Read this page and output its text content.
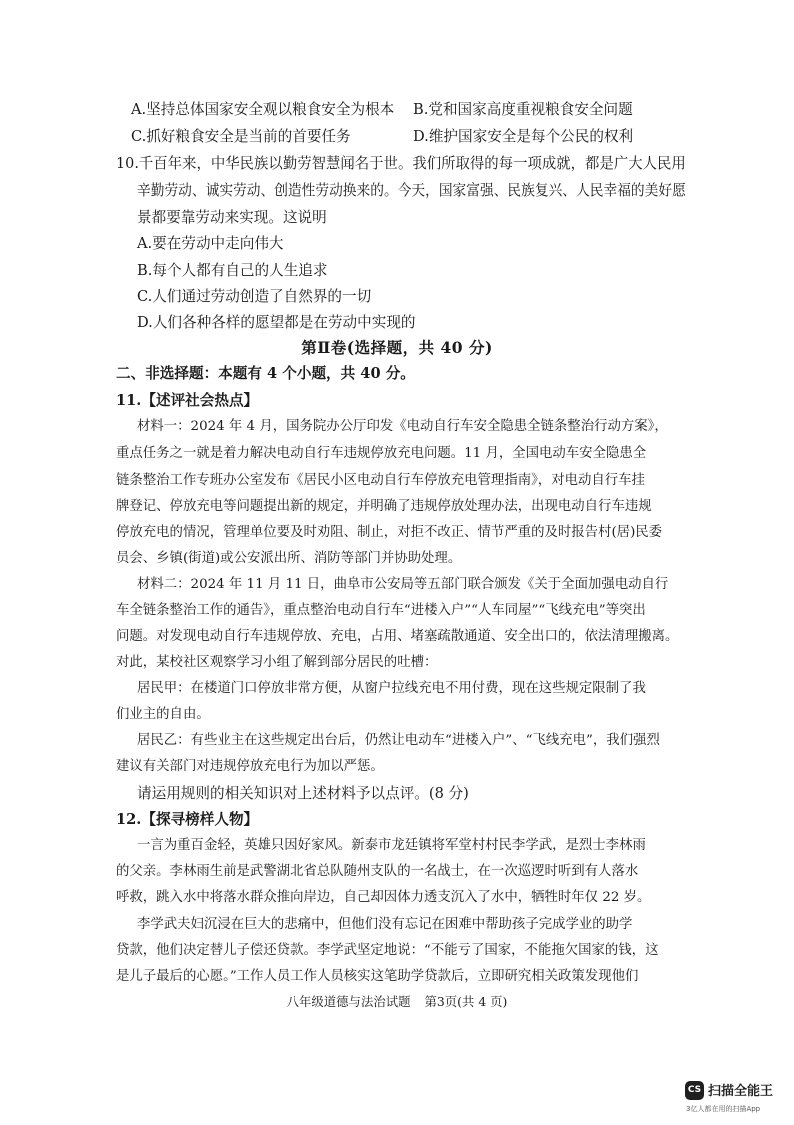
A.坚持总体国家安全观以粮食安全为根本 B.党和国家高度重视粮食安全问题
C.抓好粮食安全是当前的首要任务	D.维护国家安全是每个公民的权利
10.千百年来，中华民族以勤劳智慧闻名于世。我们所取得的每一项成就，都是广大人民用
辛勤劳动、诚实劳动、创造性劳动换来的。今天，国家富强、民族复兴、人民幸福的美好愿
景都要靠劳动来实现。这说明
A.要在劳动中走向伟大
B.每个人都有自己的人生追求
C.人们通过劳动创造了自然界的一切
D.人们各种各样的愿望都是在劳动中实现的
第Ⅱ卷(选择题，共 40 分)
二、非选择题：本题有 4 个小题，共 40 分。
11.【述评社会热点】
材料一：2024 年 4 月，国务院办公厅印发《电动自行车安全隐患全链条整治行动方案》，
重点任务之一就是着力解决电动自行车违规停放充电问题。11 月，全国电动车安全隐患全
链条整治工作专班办公室发布《居民小区电动自行车停放充电管理指南》，对电动自行车挂
牌登记、停放充电等问题提出新的规定，并明确了违规停放处理办法，出现电动自行车违规
停放充电的情况，管理单位要及时劝阻、制止，对拒不改正、情节严重的及时报告村(居)民委
员会、乡镇(街道)或公安派出所、消防等部门并协助处理。
材料二：2024 年 11 月 11 日，曲阜市公安局等五部门联合颁发《关于全面加强电动自行
车全链条整治工作的通告》，重点整治电动自行车“进楼入户”“人车同屋”“飞线充电”等突出
问题。对发现电动自行车违规停放、充电，占用、堵塞疏散通道、安全出口的，依法清理搬离。
对此，某校社区观察学习小组了解到部分居民的吐槽：
居民甲：在楼道门口停放非常方便，从窗户拉线充电不用付费，现在这些规定限制了我
们业主的自由。
居民乙：有些业主在这些规定出台后，仍然让电动车“进楼入户”、“飞线充电”，我们强烈
建议有关部门对违规停放充电行为加以严惩。
请运用规则的相关知识对上述材料予以点评。(8 分)
12.【探寻榜样人物】
一言为重百金轻，英雄只因好家风。新泰市龙廷镇将军堂村村民李学武，是烈士李林雨
的父亲。李林雨生前是武警湖北省总队随州支队的一名战士，在一次巡逻时听到有人落水
呼救，跳入水中将落水群众推向岸边，自己却因体力透支沉入了水中，牺牲时年仅 22 岁。
李学武夫妇沉浸在巨大的悲痛中，但他们没有忘记在困难中帮助孩子完成学业的助学
贷款，他们决定替儿子偿还贷款。李学武坚定地说：“不能亏了国家，不能拖欠国家的钱，这
是儿子最后的心愿。”工作人员工作人员核实这笔助学贷款后，立即研究相关政策发现他们
八年级道德与法治试题 第3页(共 4 页)
CS 扫描全能王
3亿人都在用的扫描App
